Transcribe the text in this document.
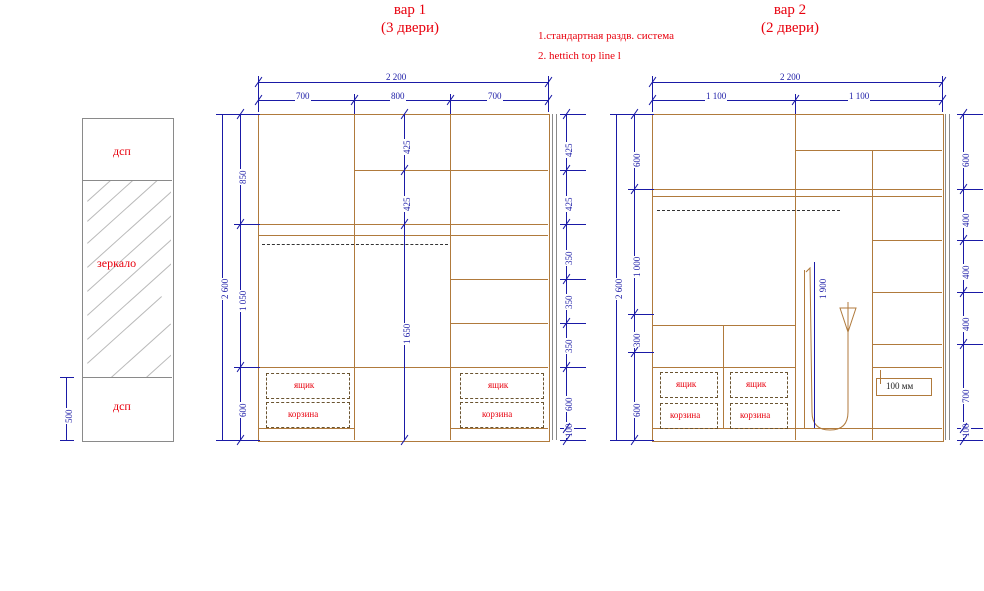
вар 1
(3 двери)
вар 2
(2 двери)
1.стандартная раздв. система
2. hettich top line l
дсп
зеркало
дсп
500
ящик
корзина
ящик
корзина
2 200
700	800	700
850
1 050
600
2 600
425
425
1 650
425
425
350
350
350
600
100
1 900
100 мм
ящик	ящик
корзина	корзина
2 200
1 100	1 100
600
1 000
300
600
2 600
600
400
400
400
700
100
